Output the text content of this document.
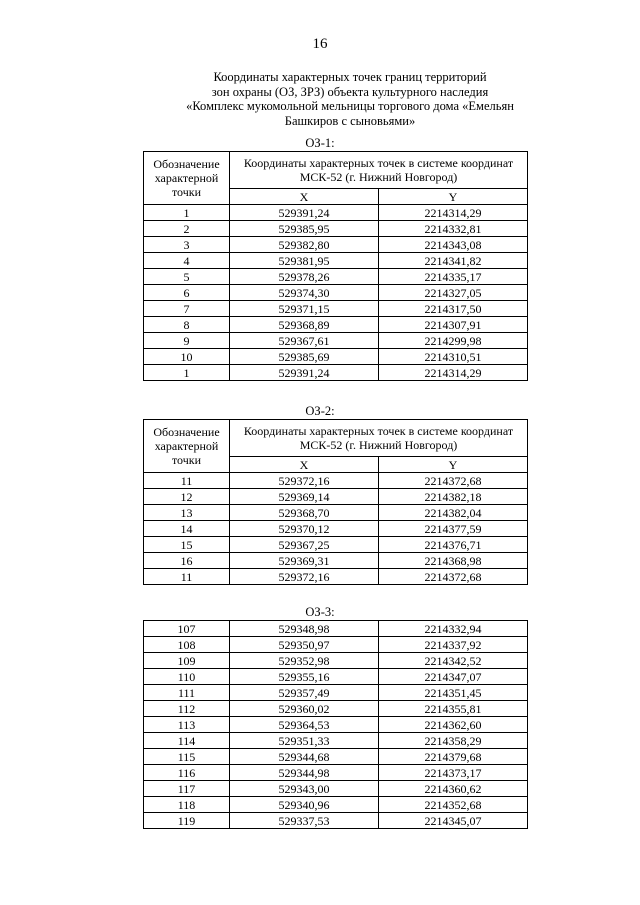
16
Координаты характерных точек границ территорий
зон охраны (ОЗ, ЗРЗ) объекта культурного наследия
«Комплекс мукомольной мельницы торгового дома «Емельян
Башкиров с сыновьями»
ОЗ-1:
Обозначение характерной точки	Координаты характерных точек в системе координат МСК-52 (г. Нижний Новгород)	
	X	Y
1	529391,24	2214314,29
2	529385,95	2214332,81
3	529382,80	2214343,08
4	529381,95	2214341,82
5	529378,26	2214335,17
6	529374,30	2214327,05
7	529371,15	2214317,50
8	529368,89	2214307,91
9	529367,61	2214299,98
10	529385,69	2214310,51
1	529391,24	2214314,29
ОЗ-2:
Обозначение характерной точки	Координаты характерных точек в системе координат МСК-52 (г. Нижний Новгород)	
	X	Y
11	529372,16	2214372,68
12	529369,14	2214382,18
13	529368,70	2214382,04
14	529370,12	2214377,59
15	529367,25	2214376,71
16	529369,31	2214368,98
11	529372,16	2214372,68
ОЗ-3:
107	529348,98	2214332,94
108	529350,97	2214337,92
109	529352,98	2214342,52
110	529355,16	2214347,07
111	529357,49	2214351,45
112	529360,02	2214355,81
113	529364,53	2214362,60
114	529351,33	2214358,29
115	529344,68	2214379,68
116	529344,98	2214373,17
117	529343,00	2214360,62
118	529340,96	2214352,68
119	529337,53	2214345,07
